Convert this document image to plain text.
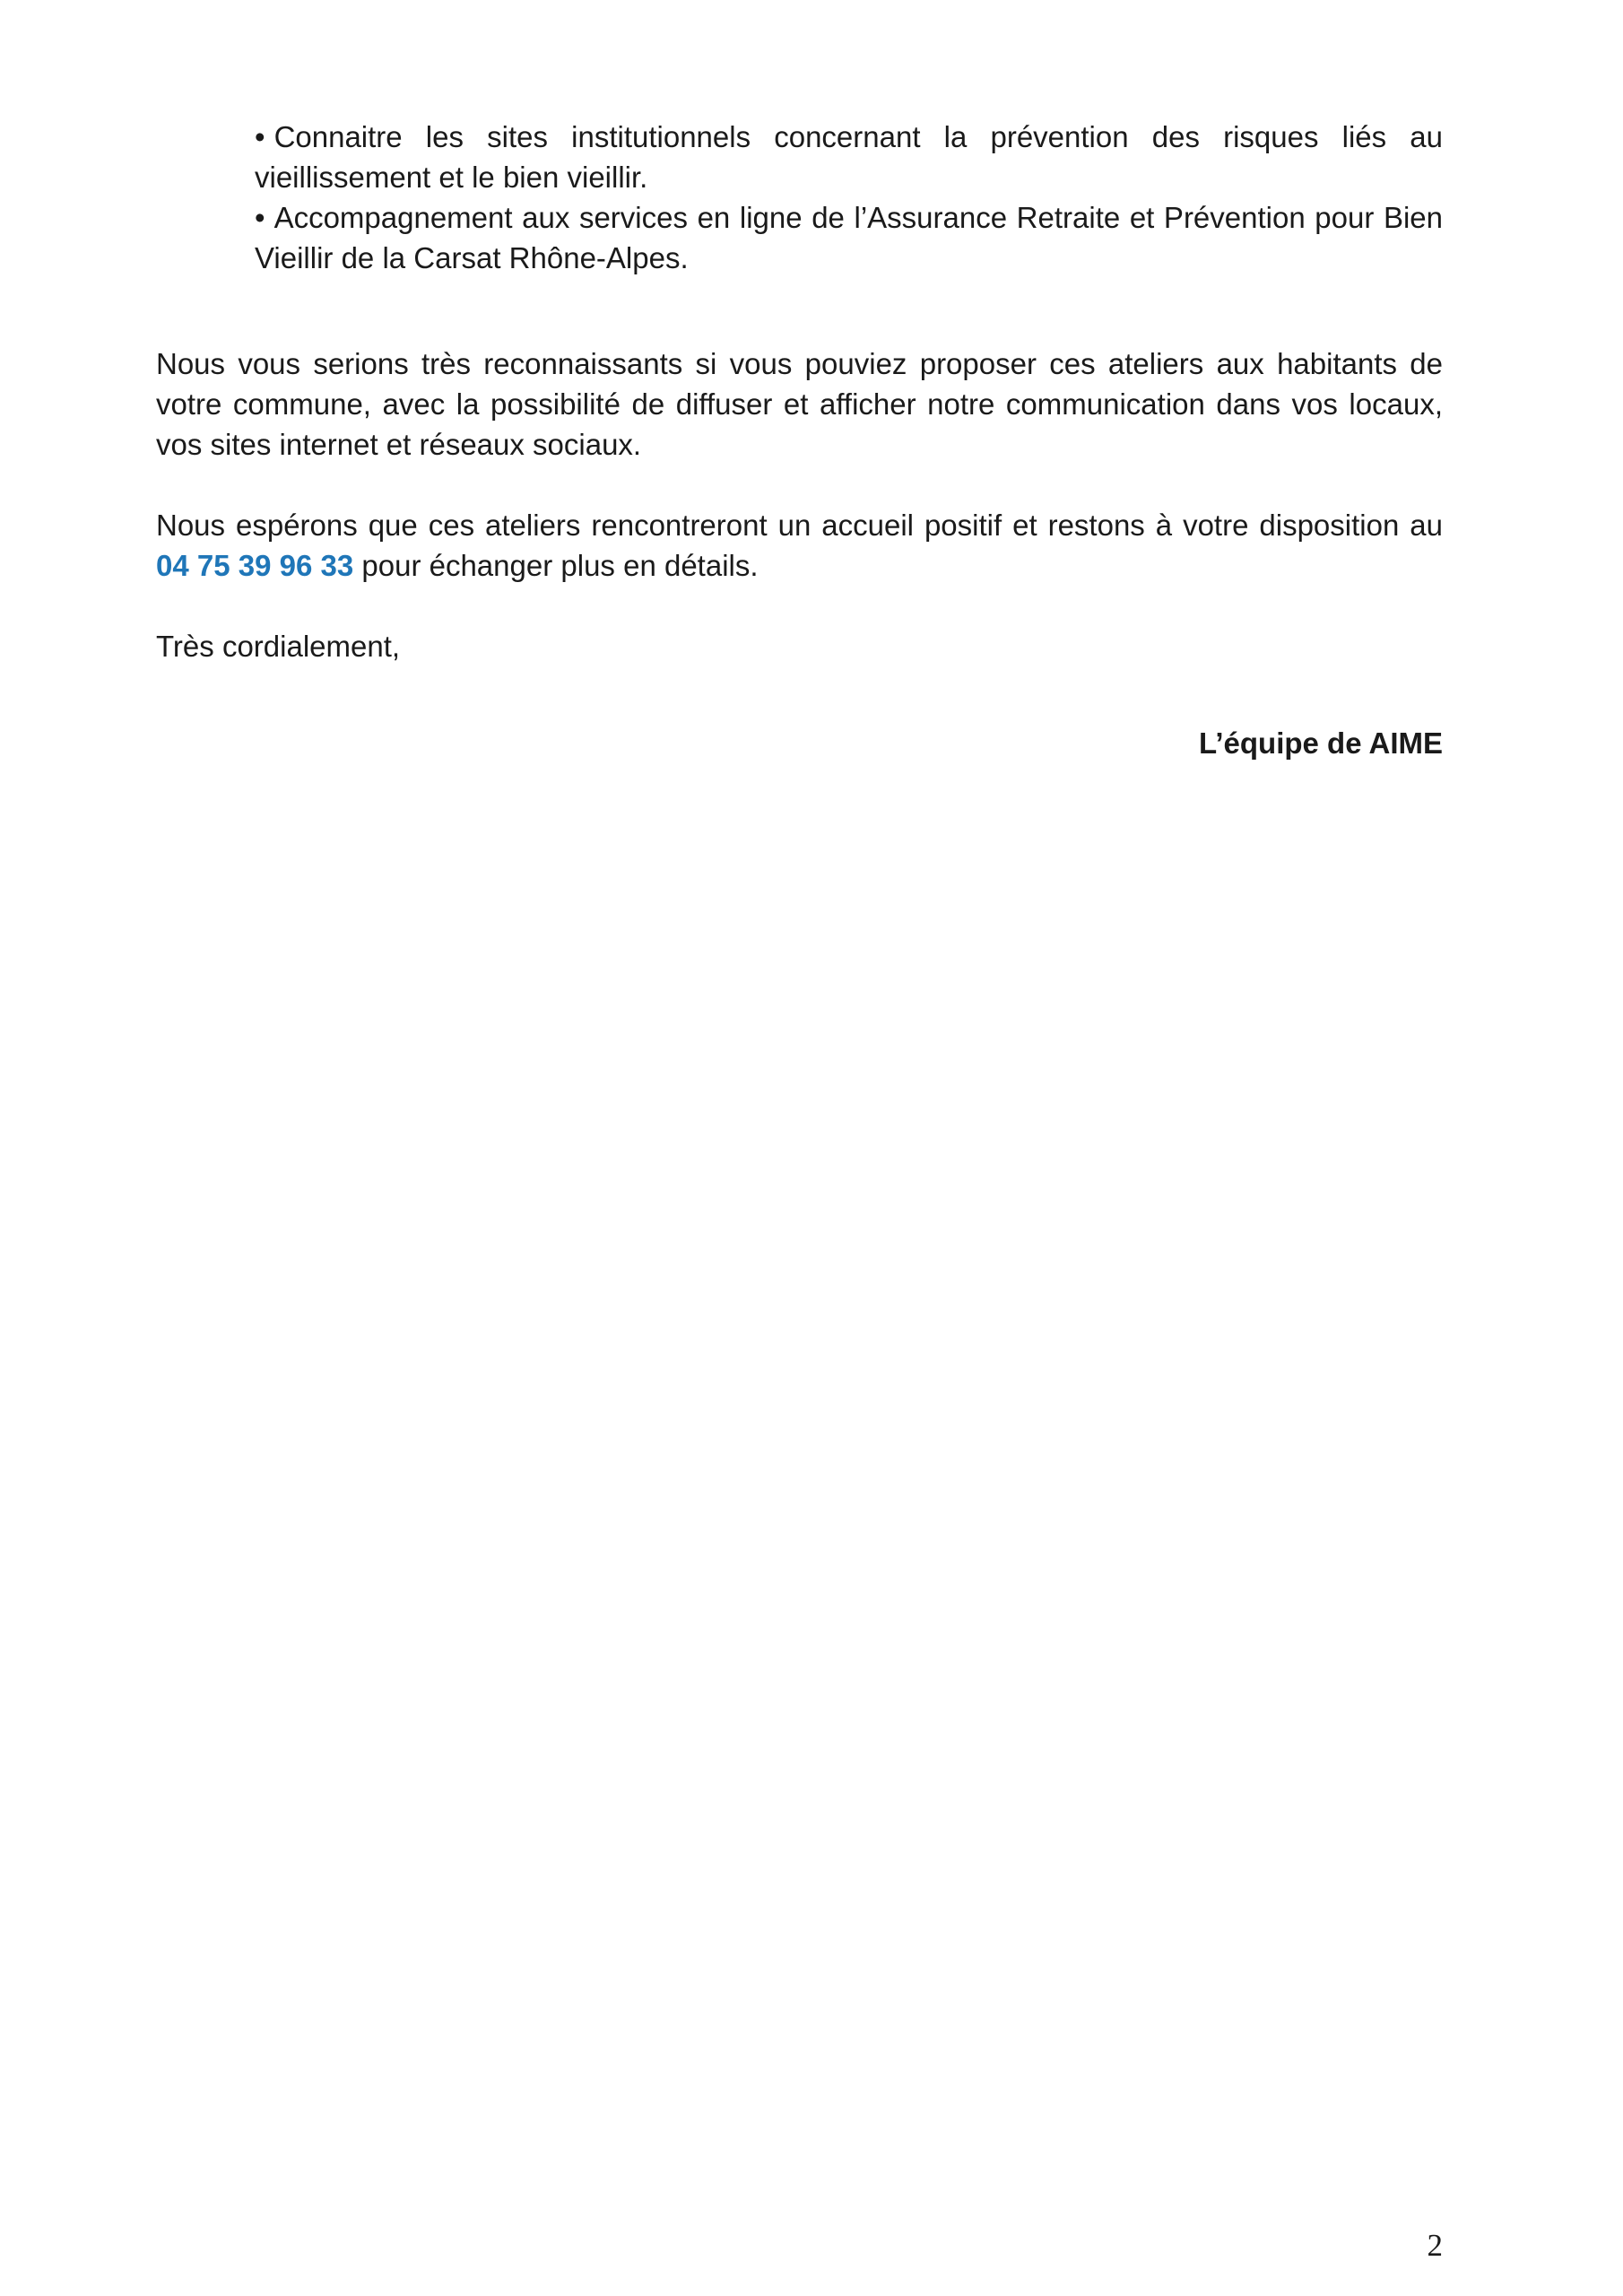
• Connaitre les sites institutionnels concernant la prévention des risques liés au vieillissement et le bien vieillir.

• Accompagnement aux services en ligne de l’Assurance Retraite et Prévention pour Bien Vieillir de la Carsat Rhône-Alpes.

Nous vous serions très reconnaissants si vous pouviez proposer ces ateliers aux habitants de votre commune, avec la possibilité de diffuser et afficher notre communication dans vos locaux, vos sites internet et réseaux sociaux.

Nous espérons que ces ateliers rencontreront un accueil positif et restons à votre disposition au 04 75 39 96 33 pour échanger plus en détails.

Très cordialement,

L’équipe de AIME
2
